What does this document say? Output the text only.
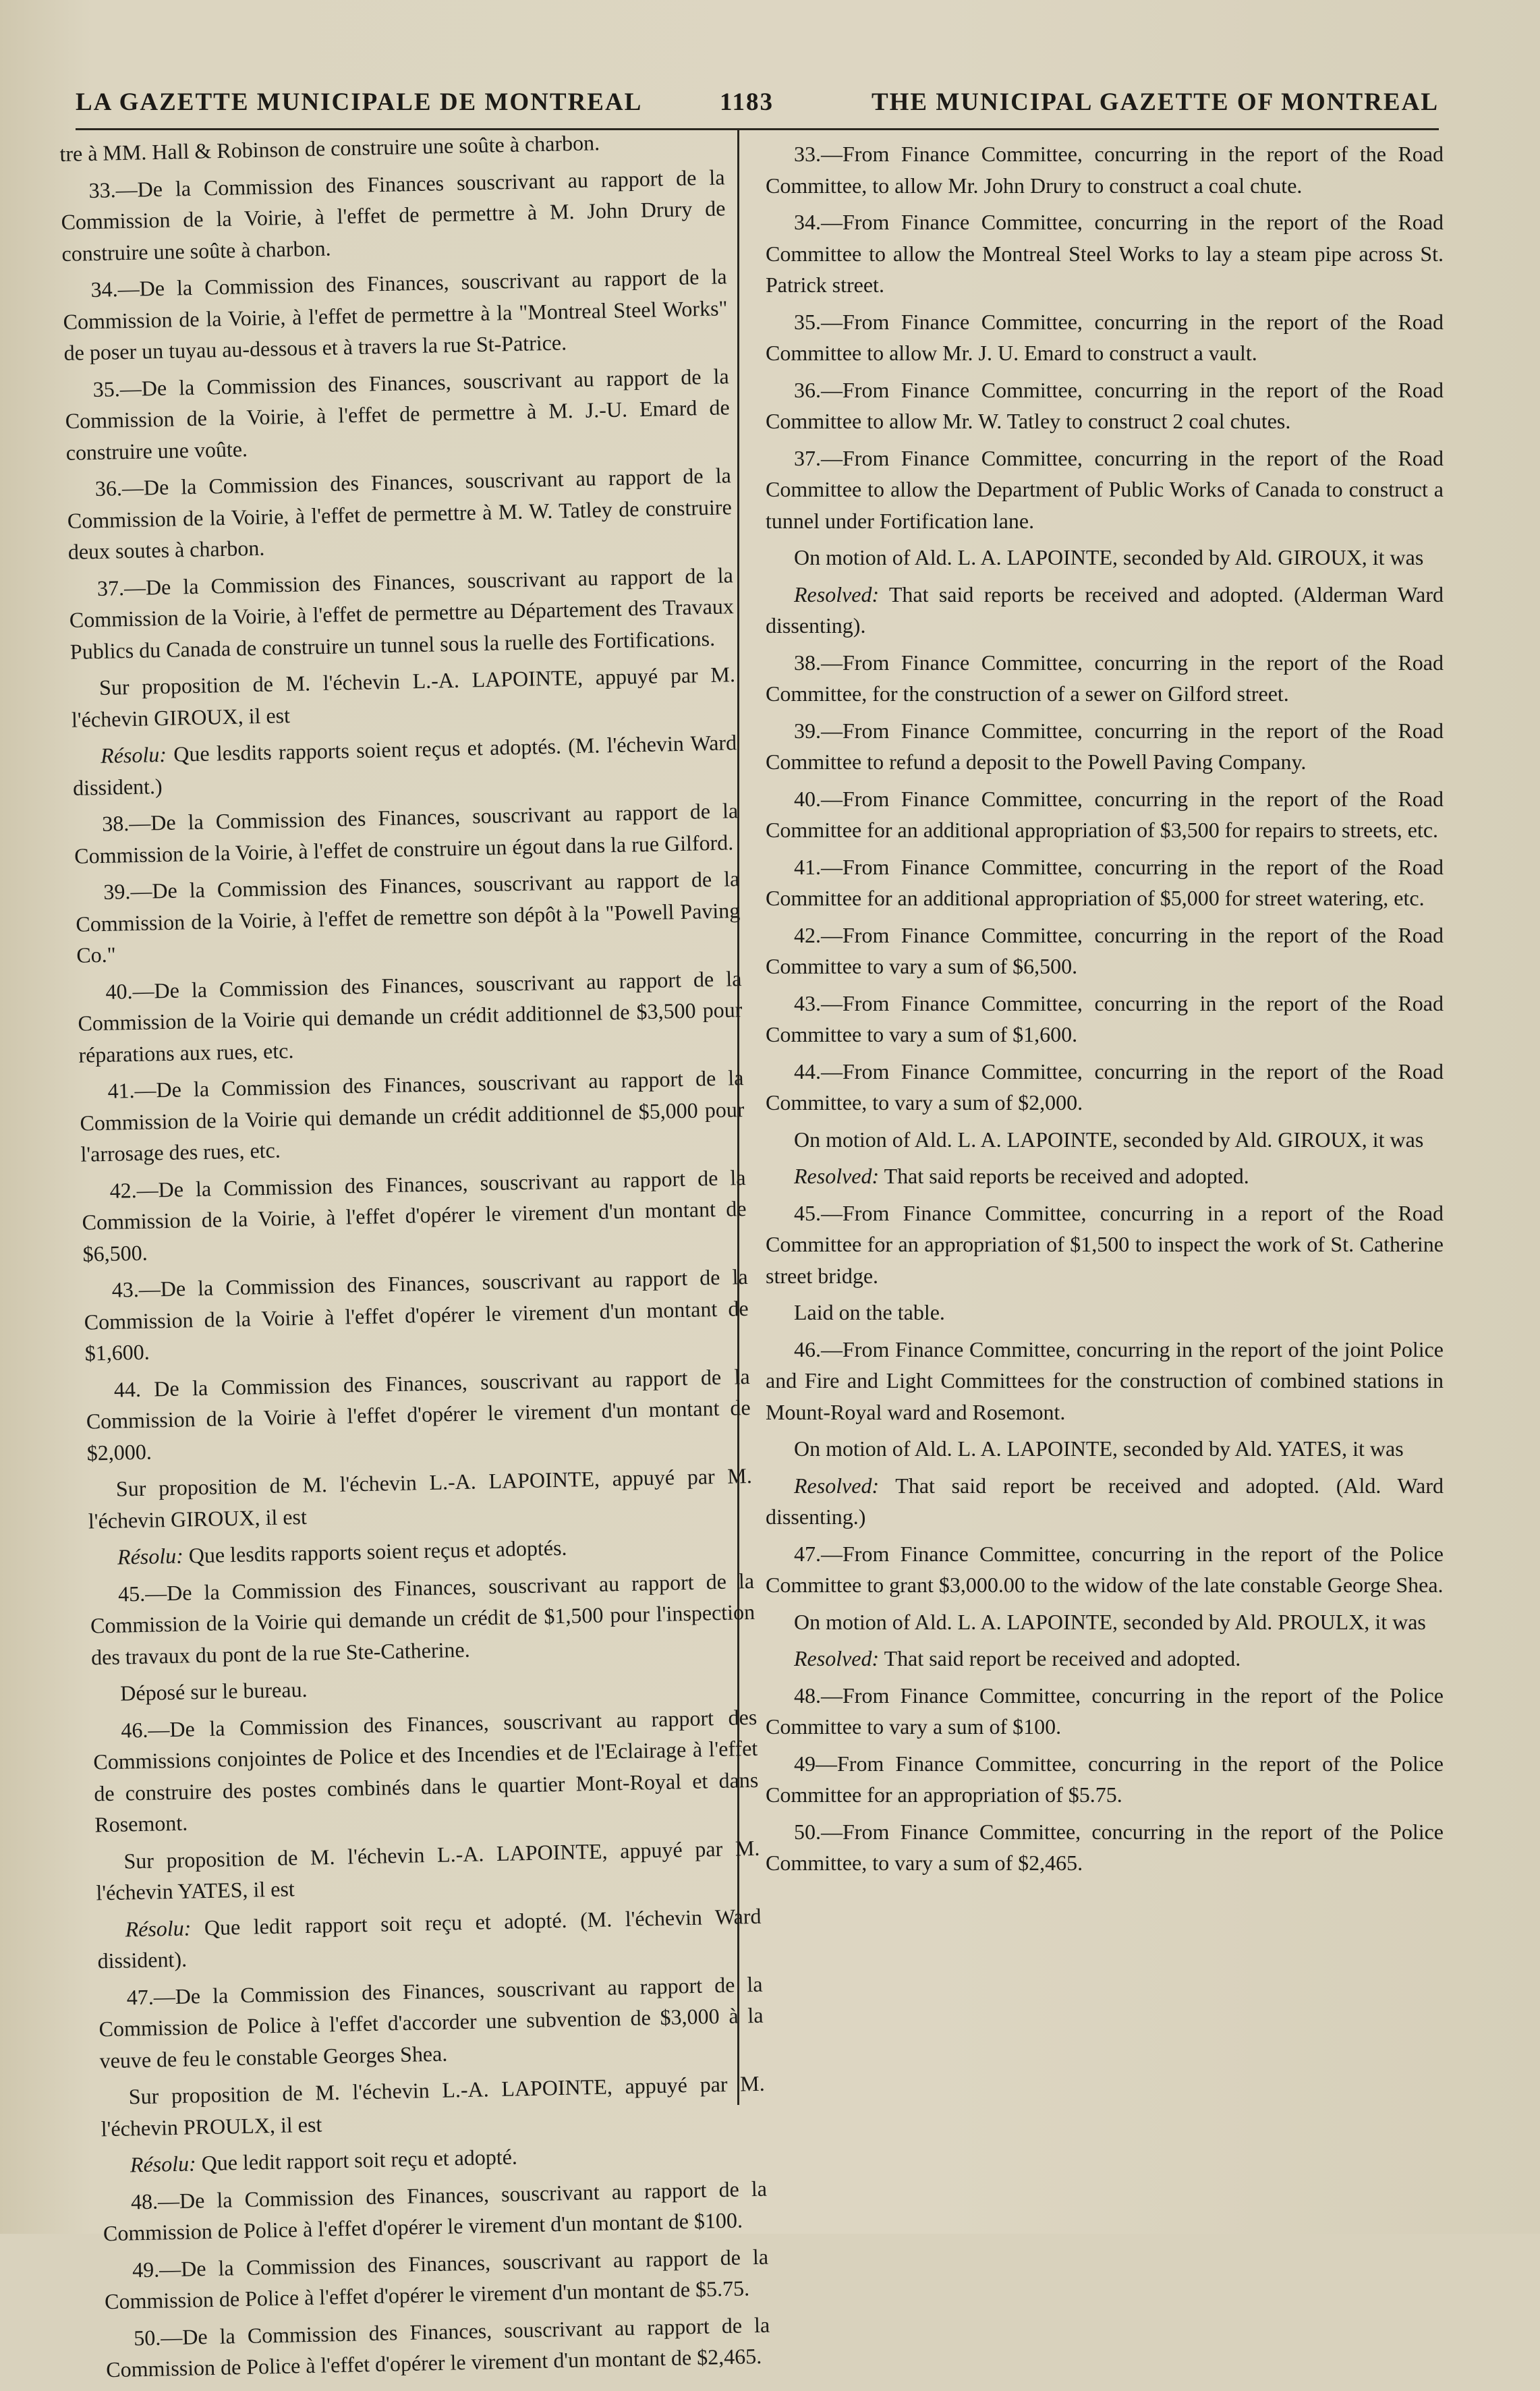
LA GAZETTE MUNICIPALE DE MONTREAL	1183	THE MUNICIPAL GAZETTE OF MONTREAL

tre à MM. Hall & Robinson de construire une soûte à charbon.

33.—De la Commission des Finances souscrivant au rapport de la Commission de la Voirie, à l'effet de permettre à M. John Drury de construire une soûte à charbon.

34.—De la Commission des Finances, souscrivant au rapport de la Commission de la Voirie, à l'effet de permettre à la "Montreal Steel Works" de poser un tuyau au-dessous et à travers la rue St-Patrice.

35.—De la Commission des Finances, souscrivant au rapport de la Commission de la Voirie, à l'effet de permettre à M. J.-U. Emard de construire une voûte.

36.—De la Commission des Finances, souscrivant au rapport de la Commission de la Voirie, à l'effet de permettre à M. W. Tatley de construire deux soutes à charbon.

37.—De la Commission des Finances, souscrivant au rapport de la Commission de la Voirie, à l'effet de permettre au Département des Travaux Publics du Canada de construire un tunnel sous la ruelle des Fortifications.

Sur proposition de M. l'échevin L.-A. LAPOINTE, appuyé par M. l'échevin GIROUX, il est

Résolu: Que lesdits rapports soient reçus et adoptés. (M. l'échevin Ward dissident.)

38.—De la Commission des Finances, souscrivant au rapport de la Commission de la Voirie, à l'effet de construire un égout dans la rue Gilford.

39.—De la Commission des Finances, souscrivant au rapport de la Commission de la Voirie, à l'effet de remettre son dépôt à la "Powell Paving Co."

40.—De la Commission des Finances, souscrivant au rapport de la Commission de la Voirie qui demande un crédit additionnel de $3,500 pour réparations aux rues, etc.

41.—De la Commission des Finances, souscrivant au rapport de la Commission de la Voirie qui demande un crédit additionnel de $5,000 pour l'arrosage des rues, etc.

42.—De la Commission des Finances, souscrivant au rapport de la Commission de la Voirie, à l'effet d'opérer le virement d'un montant de $6,500.

43.—De la Commission des Finances, souscrivant au rapport de la Commission de la Voirie à l'effet d'opérer le virement d'un montant de $1,600.

44. De la Commission des Finances, souscrivant au rapport de la Commission de la Voirie à l'effet d'opérer le virement d'un montant de $2,000.

Sur proposition de M. l'échevin L.-A. LAPOINTE, appuyé par M. l'échevin GIROUX, il est

Résolu: Que lesdits rapports soient reçus et adoptés.

45.—De la Commission des Finances, souscrivant au rapport de la Commission de la Voirie qui demande un crédit de $1,500 pour l'inspection des travaux du pont de la rue Ste-Catherine.

Déposé sur le bureau.

46.—De la Commission des Finances, souscrivant au rapport des Commissions conjointes de Police et des Incendies et de l'Eclairage à l'effet de construire des postes combinés dans le quartier Mont-Royal et dans Rosemont.

Sur proposition de M. l'échevin L.-A. LAPOINTE, appuyé par M. l'échevin YATES, il est

Résolu: Que ledit rapport soit reçu et adopté. (M. l'échevin Ward dissident).

47.—De la Commission des Finances, souscrivant au rapport de la Commission de Police à l'effet d'accorder une subvention de $3,000 à la veuve de feu le constable Georges Shea.

Sur proposition de M. l'échevin L.-A. LAPOINTE, appuyé par M. l'échevin PROULX, il est

Résolu: Que ledit rapport soit reçu et adopté.

48.—De la Commission des Finances, souscrivant au rapport de la Commission de Police à l'effet d'opérer le virement d'un montant de $100.

49.—De la Commission des Finances, souscrivant au rapport de la Commission de Police à l'effet d'opérer le virement d'un montant de $5.75.

50.—De la Commission des Finances, souscrivant au rapport de la Commission de Police à l'effet d'opérer le virement d'un montant de $2,465.

33.—From Finance Committee, concurring in the report of the Road Committee, to allow Mr. John Drury to construct a coal chute.

34.—From Finance Committee, concurring in the report of the Road Committee to allow the Montreal Steel Works to lay a steam pipe across St. Patrick street.

35.—From Finance Committee, concurring in the report of the Road Committee to allow Mr. J. U. Emard to construct a vault.

36.—From Finance Committee, concurring in the report of the Road Committee to allow Mr. W. Tatley to construct 2 coal chutes.

37.—From Finance Committee, concurring in the report of the Road Committee to allow the Department of Public Works of Canada to construct a tunnel under Fortification lane.

On motion of Ald. L. A. LAPOINTE, seconded by Ald. GIROUX, it was

Resolved: That said reports be received and adopted. (Alderman Ward dissenting).

38.—From Finance Committee, concurring in the report of the Road Committee, for the construction of a sewer on Gilford street.

39.—From Finance Committee, concurring in the report of the Road Committee to refund a deposit to the Powell Paving Company.

40.—From Finance Committee, concurring in the report of the Road Committee for an additional appropriation of $3,500 for repairs to streets, etc.

41.—From Finance Committee, concurring in the report of the Road Committee for an additional appropriation of $5,000 for street watering, etc.

42.—From Finance Committee, concurring in the report of the Road Committee to vary a sum of $6,500.

43.—From Finance Committee, concurring in the report of the Road Committee to vary a sum of $1,600.

44.—From Finance Committee, concurring in the report of the Road Committee, to vary a sum of $2,000.

On motion of Ald. L. A. LAPOINTE, seconded by Ald. GIROUX, it was

Resolved: That said reports be received and adopted.

45.—From Finance Committee, concurring in a report of the Road Committee for an appropriation of $1,500 to inspect the work of St. Catherine street bridge.

Laid on the table.

46.—From Finance Committee, concurring in the report of the joint Police and Fire and Light Committees for the construction of combined stations in Mount-Royal ward and Rosemont.

On motion of Ald. L. A. LAPOINTE, seconded by Ald. YATES, it was

Resolved: That said report be received and adopted. (Ald. Ward dissenting.)

47.—From Finance Committee, concurring in the report of the Police Committee to grant $3,000.00 to the widow of the late constable George Shea.

On motion of Ald. L. A. LAPOINTE, seconded by Ald. PROULX, it was

Resolved: That said report be received and adopted.

48.—From Finance Committee, concurring in the report of the Police Committee to vary a sum of $100.

49—From Finance Committee, concurring in the report of the Police Committee for an appropriation of $5.75.

50.—From Finance Committee, concurring in the report of the Police Committee, to vary a sum of $2,465.
